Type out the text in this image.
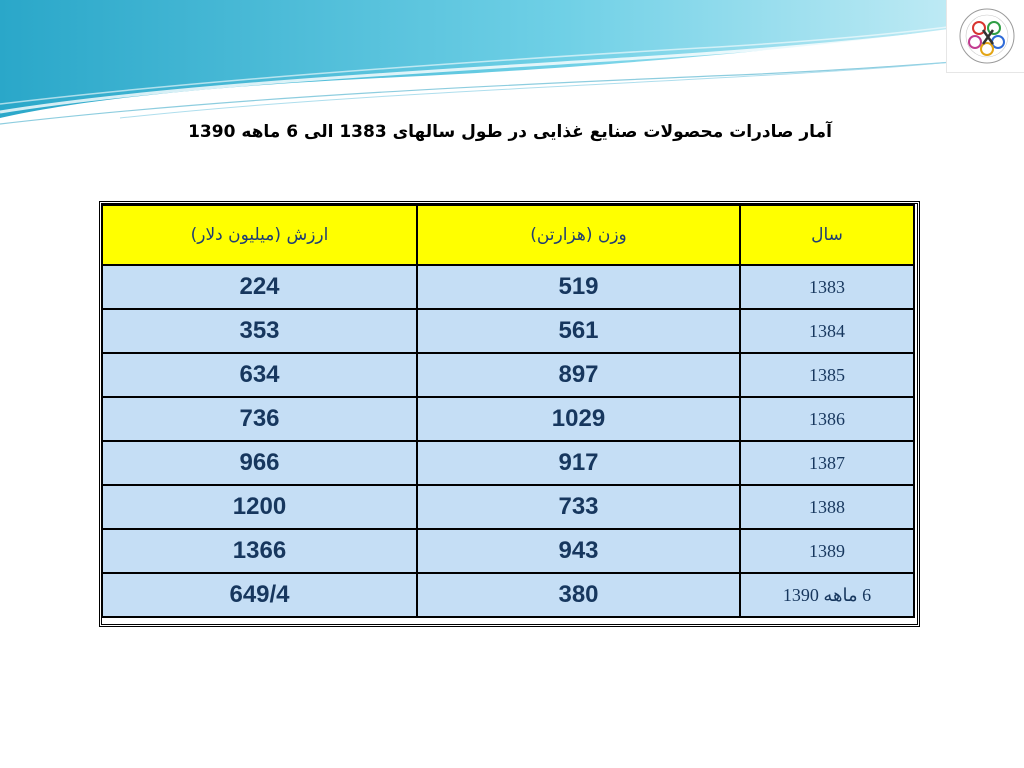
آمار صادرات محصولات صنایع غذایی در طول سالهای 1383 الی 6 ماهه 1390
ارزش (میلیون دلار)	وزن (هزارتن)	سال
224	519	1383
353	561	1384
634	897	1385
736	1029	1386
966	917	1387
1200	733	1388
1366	943	1389
649/4	380	6 ماهه 1390
